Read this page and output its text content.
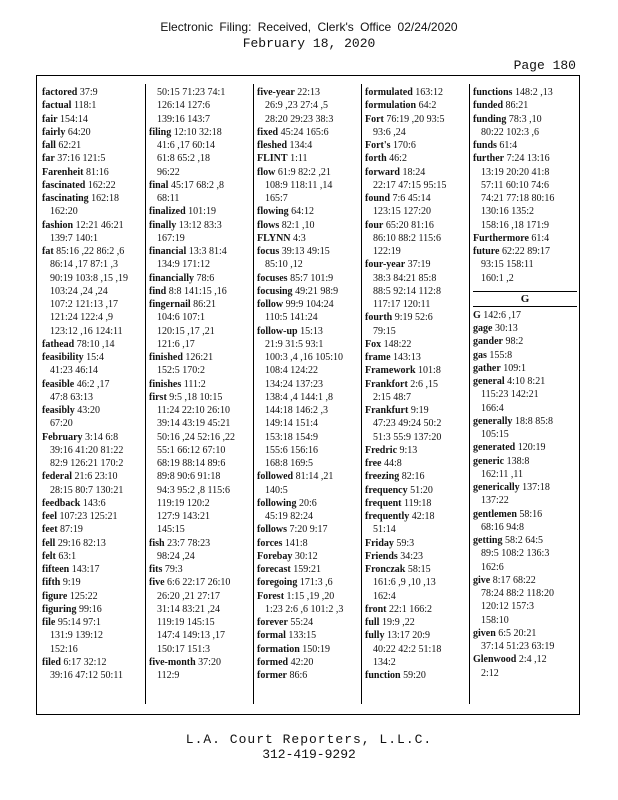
Electronic Filing: Received, Clerk's Office 02/24/2020
February 18, 2020
Page 180
factored 37:9
factual 118:1
fair 154:14
fairly 64:20
fall 62:21
far 37:16 121:5
Farenheit 81:16
fascinated 162:22
fascinating 162:18
162:20
fashion 12:21 46:21
139:7 140:1
fat 85:16 ,22 86:2 ,6
86:14 ,17 87:1 ,3
90:19 103:8 ,15 ,19
103:24 ,24 ,24
107:2 121:13 ,17
121:24 122:4 ,9
123:12 ,16 124:11
fathead 78:10 ,14
feasibility 15:4
41:23 46:14
feasible 46:2 ,17
47:8 63:13
feasibly 43:20
67:20
February 3:14 6:8
39:16 41:20 81:22
82:9 126:21 170:2
federal 21:6 23:10
28:15 80:7 130:21
feedback 143:6
feel 107:23 125:21
feet 87:19
fell 29:16 82:13
felt 63:1
fifteen 143:17
fifth 9:19
figure 125:22
figuring 99:16
file 95:14 97:1
131:9 139:12
152:16
filed 6:17 32:12
39:16 47:12 50:11
50:15 71:23 74:1
126:14 127:6
139:16 143:7
filing 12:10 32:18
41:6 ,17 60:14
61:8 65:2 ,18
96:22
final 45:17 68:2 ,8
68:11
finalized 101:19
finally 13:12 83:3
167:19
financial 13:3 81:4
134:9 171:12
financially 78:6
find 8:8 141:15 ,16
fingernail 86:21
104:6 107:1
120:15 ,17 ,21
121:6 ,17
finished 126:21
152:5 170:2
finishes 111:2
first 9:5 ,18 10:15
11:24 22:10 26:10
39:14 43:19 45:21
50:16 ,24 52:16 ,22
55:1 66:12 67:10
68:19 88:14 89:6
89:8 90:6 91:18
94:3 95:2 ,8 115:6
119:19 120:2
127:9 143:21
145:15
fish 23:7 78:23
98:24 ,24
fits 79:3
five 6:6 22:17 26:10
26:20 ,21 27:17
31:14 83:21 ,24
119:19 145:15
147:4 149:13 ,17
150:17 151:3
five-month 37:20
112:9
five-year 22:13
26:9 ,23 27:4 ,5
28:20 29:23 38:3
fixed 45:24 165:6
fleshed 134:4
FLINT 1:11
flow 61:9 82:2 ,21
108:9 118:11 ,14
165:7
flowing 64:12
flows 82:1 ,10
FLYNN 4:3
focus 39:13 49:15
85:10 ,12
focuses 85:7 101:9
focusing 49:21 98:9
follow 99:9 104:24
110:5 141:24
follow-up 15:13
21:9 31:5 93:1
100:3 ,4 ,16 105:10
108:4 124:22
134:24 137:23
138:4 ,4 144:1 ,8
144:18 146:2 ,3
149:14 151:4
153:18 154:9
155:6 156:16
168:8 169:5
followed 81:14 ,21
140:5
following 20:6
45:19 82:24
follows 7:20 9:17
forces 141:8
Forebay 30:12
forecast 159:21
foregoing 171:3 ,6
Forest 1:15 ,19 ,20
1:23 2:6 ,6 101:2 ,3
forever 55:24
formal 133:15
formation 150:19
formed 42:20
former 86:6
formulated 163:12
formulation 64:2
Fort 76:19 ,20 93:5
93:6 ,24
Fort's 170:6
forth 46:2
forward 18:24
22:17 47:15 95:15
found 7:6 45:14
123:15 127:20
four 65:20 81:16
86:10 88:2 115:6
122:19
four-year 37:19
38:3 84:21 85:8
88:5 92:14 112:8
117:17 120:11
fourth 9:19 52:6
79:15
Fox 148:22
frame 143:13
Framework 101:8
Frankfort 2:6 ,15
2:15 48:7
Frankfurt 9:19
47:23 49:24 50:2
51:3 55:9 137:20
Fredric 9:13
free 44:8
freezing 82:16
frequency 51:20
frequent 119:18
frequently 42:18
51:14
Friday 59:3
Friends 34:23
Fronczak 58:15
161:6 ,9 ,10 ,13
162:4
front 22:1 166:2
full 19:9 ,22
fully 13:17 20:9
40:22 42:2 51:18
134:2
function 59:20
functions 148:2 ,13
funded 86:21
funding 78:3 ,10
80:22 102:3 ,6
funds 61:4
further 7:24 13:16
13:19 20:20 41:8
57:11 60:10 74:6
74:21 77:18 80:16
130:16 135:2
158:16 ,18 171:9
Furthermore 61:4
future 62:22 89:17
93:15 158:11
160:1 ,2
G
G 142:6 ,17
gage 30:13
gander 98:2
gas 155:8
gather 109:1
general 4:10 8:21
115:23 142:21
166:4
generally 18:8 85:8
105:15
generated 120:19
generic 138:8
162:11 ,11
generically 137:18
137:22
gentlemen 58:16
68:16 94:8
getting 58:2 64:5
89:5 108:2 136:3
162:6
give 8:17 68:22
78:24 88:2 118:20
120:12 157:3
158:10
given 6:5 20:21
37:14 51:23 63:19
Glenwood 2:4 ,12
2:12
L.A. Court Reporters, L.L.C.
312-419-9292
